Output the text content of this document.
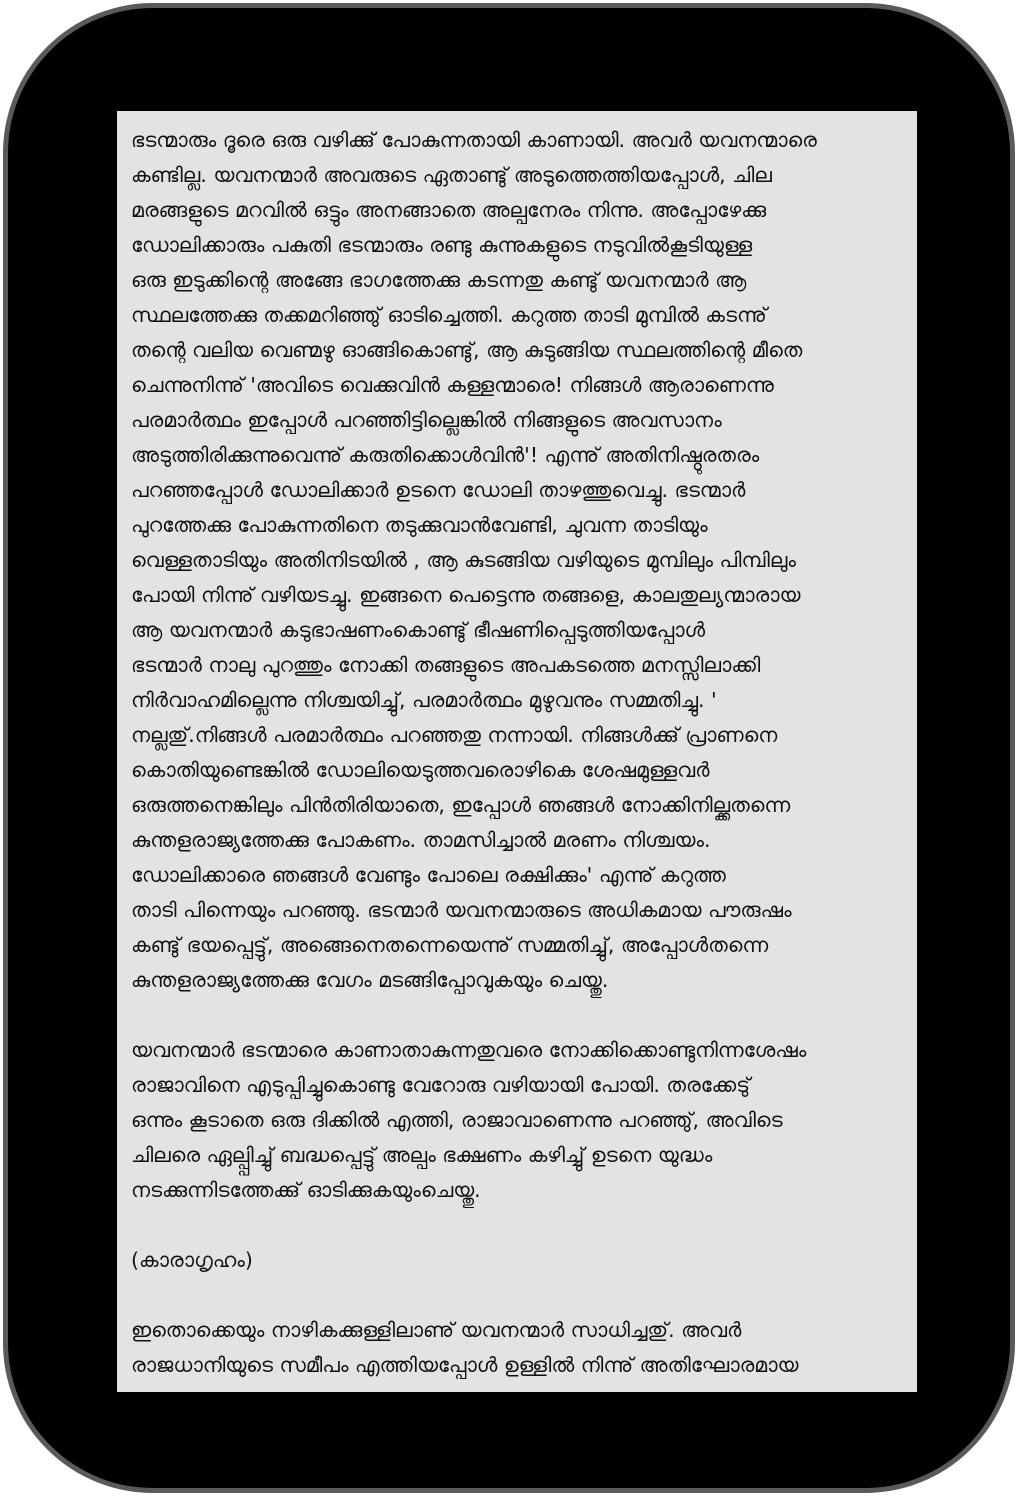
ഭടന്മാരും ദൂരെ ഒരു വഴിക്കു് പോകുന്നതായി കാണായി. അവർ യവനന്മാരെ
കണ്ടില്ല. യവനന്മാർ അവരുടെ ഏതാണ്ടു് അടുത്തെത്തിയപ്പോൾ, ചില
മരങ്ങളുടെ മറവിൽ ഒട്ടും അനങ്ങാതെ അല്പനേരം നിന്നു. അപ്പോഴേക്കു
ഡോലിക്കാരും പകുതി ഭടന്മാരും രണ്ടു കുന്നുകളുടെ നടുവിൽകൂടിയുള്ള
ഒരു ഇടുക്കിന്റെ അങ്ങേ ഭാഗത്തേക്കു കടന്നതു കണ്ടു് യവനന്മാർ ആ
സ്ഥലത്തേക്കു തക്കമറിഞ്ഞു് ഓടിച്ചെത്തി. കറുത്ത താടി മുമ്പിൽ കടന്നു്
തന്റെ വലിയ വെണ്മഴു ഓങ്ങികൊണ്ടു്, ആ കുടുങ്ങിയ സ്ഥലത്തിന്റെ മീതെ
ചെന്നുനിന്നു് 'അവിടെ വെക്കുവിൻ കള്ളന്മാരെ! നിങ്ങൾ ആരാണെന്നു
പരമാർത്ഥം ഇപ്പോൾ പറഞ്ഞിട്ടില്ലെങ്കിൽ നിങ്ങളുടെ അവസാനം
അടുത്തിരിക്കുന്നുവെന്നു് കരുതിക്കൊൾവിൻ'! എന്നു് അതിനിഷ്ഠുരതരം
പറഞ്ഞപ്പോൾ ഡോലിക്കാർ ഉടനെ ഡോലി താഴത്തുവെച്ചു. ഭടന്മാർ
പുറത്തേക്കു പോകുന്നതിനെ തടുക്കുവാൻവേണ്ടി, ചുവന്ന താടിയും
വെള്ളതാടിയും അതിനിടയിൽ , ആ കുടങ്ങിയ വഴിയുടെ മുമ്പിലും പിമ്പിലും
പോയി നിന്നു് വഴിയടച്ചു. ഇങ്ങനെ പെട്ടെന്നു തങ്ങളെ, കാലതുല്യന്മാരായ
ആ യവനന്മാർ കടുഭാഷണംകൊണ്ടു് ഭീഷണിപ്പെടുത്തിയപ്പോൾ
ഭടന്മാർ നാലു പുറത്തും നോക്കി തങ്ങളുടെ അപകടത്തെ മനസ്സിലാക്കി
നിർവാഹമില്ലെന്നു നിശ്ചയിച്ചു്, പരമാർത്ഥം മുഴുവനും സമ്മതിച്ചു. '
നല്ലതു്.നിങ്ങൾ പരമാർത്ഥം പറഞ്ഞതു നന്നായി. നിങ്ങൾക്കു് പ്രാണനെ
കൊതിയുണ്ടെങ്കിൽ ഡോലിയെടുത്തവരൊഴികെ ശേഷമുള്ളവർ
ഒരുത്തനെങ്കിലും പിൻതിരിയാതെ, ഇപ്പോൾ ഞങ്ങൾ നോക്കിനില്ക്കതന്നെ
കുന്തളരാജ്യത്തേക്കു പോകണം. താമസിച്ചാൽ മരണം നിശ്ചയം.
ഡോലിക്കാരെ ഞങ്ങൾ വേണ്ടും പോലെ രക്ഷിക്കും' എന്നു് കറുത്ത
താടി പിന്നെയും പറഞ്ഞു. ഭടന്മാർ യവനന്മാരുടെ അധികമായ പൗരുഷം
കണ്ടു് ഭയപ്പെട്ടു്, അങ്ങെനെതന്നെയെന്നു് സമ്മതിച്ചു്, അപ്പോൾതന്നെ
കുന്തളരാജ്യത്തേക്കു വേഗം മടങ്ങിപ്പോവുകയും ചെയ്തു.
യവനന്മാർ ഭടന്മാരെ കാണാതാകുന്നതുവരെ നോക്കിക്കൊണ്ടുനിന്നശേഷം
രാജാവിനെ എടുപ്പിച്ചുകൊണ്ടു വേറോരു വഴിയായി പോയി. തരക്കേടു്
ഒന്നും കൂടാതെ ഒരു ദിക്കിൽ എത്തി, രാജാവാണെന്നു പറഞ്ഞു്, അവിടെ
ചിലരെ ഏല്പ്പിച്ചു് ബദ്ധപ്പെട്ടു് അല്പം ഭക്ഷണം കഴിച്ചു് ഉടനെ യുദ്ധം
നടക്കുന്നിടത്തേക്കു് ഓടിക്കുകയുംചെയ്തു.
(കാരാഗൃഹം)
ഇതൊക്കെയും നാഴികക്കുള്ളിലാണു് യവനന്മാർ സാധിച്ചതു്. അവർ
രാജധാനിയുടെ സമീപം എത്തിയപ്പോൾ ഉള്ളിൽ നിന്നു് അതിഘോരമായ
